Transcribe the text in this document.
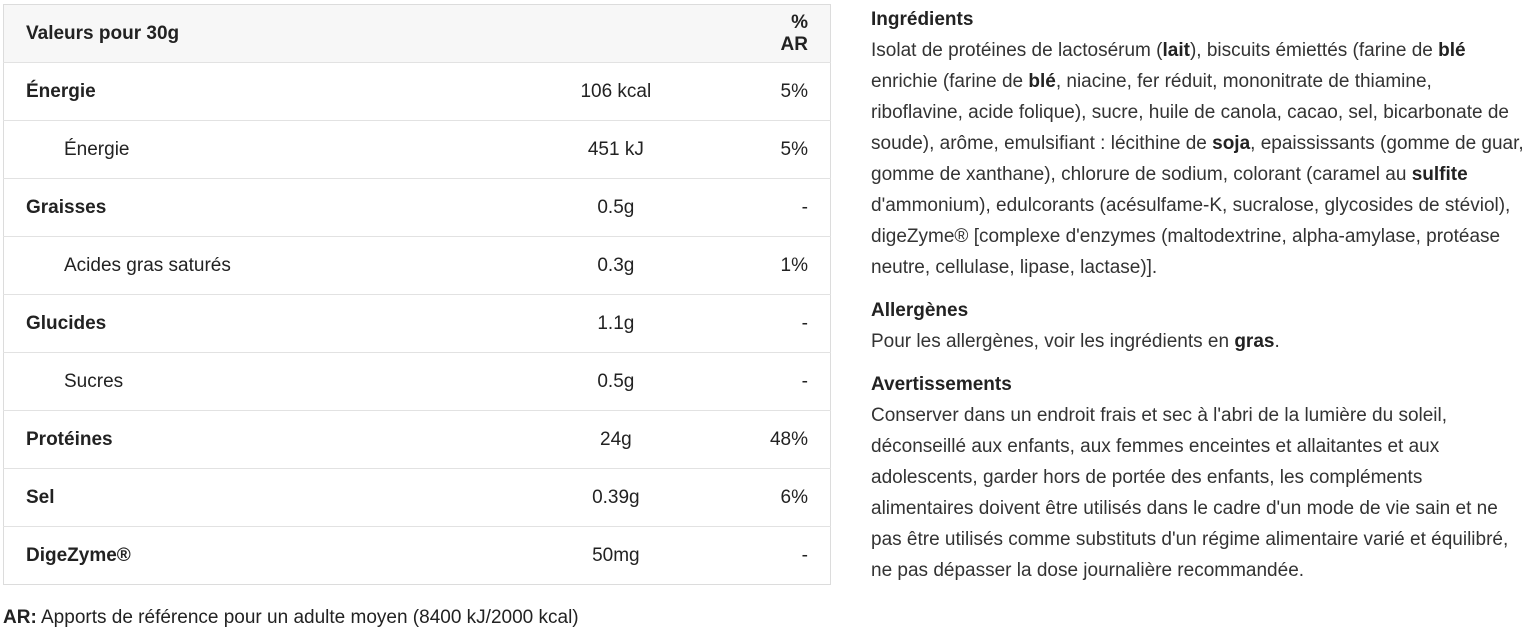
Valeurs pour 30g		% AR
Énergie	106 kcal	5%
Énergie	451 kJ	5%
Graisses	0.5g	-
Acides gras saturés	0.3g	1%
Glucides	1.1g	-
Sucres	0.5g	-
Protéines	24g	48%
Sel	0.39g	6%
DigeZyme®	50mg	-
AR: Apports de référence pour un adulte moyen (8400 kJ/2000 kcal)
Ingrédients

Isolat de protéines de lactosérum (lait), biscuits émiettés (farine de blé enrichie (farine de blé, niacine, fer réduit, mononitrate de thiamine, riboflavine, acide folique), sucre, huile de canola, cacao, sel, bicarbonate de soude), arôme, emulsifiant : lécithine de soja, epaississants (gomme de guar, gomme de xanthane), chlorure de sodium, colorant (caramel au sulfite d'ammonium), edulcorants (acésulfame-K, sucralose, glycosides de stéviol), digeZyme® [complexe d'enzymes (maltodextrine, alpha-amylase, protéase neutre, cellulase, lipase, lactase)].

Allergènes

Pour les allergènes, voir les ingrédients en gras.

Avertissements

Conserver dans un endroit frais et sec à l'abri de la lumière du soleil, déconseillé aux enfants, aux femmes enceintes et allaitantes et aux adolescents, garder hors de portée des enfants, les compléments alimentaires doivent être utilisés dans le cadre d'un mode de vie sain et ne pas être utilisés comme substituts d'un régime alimentaire varié et équilibré, ne pas dépasser la dose journalière recommandée.
